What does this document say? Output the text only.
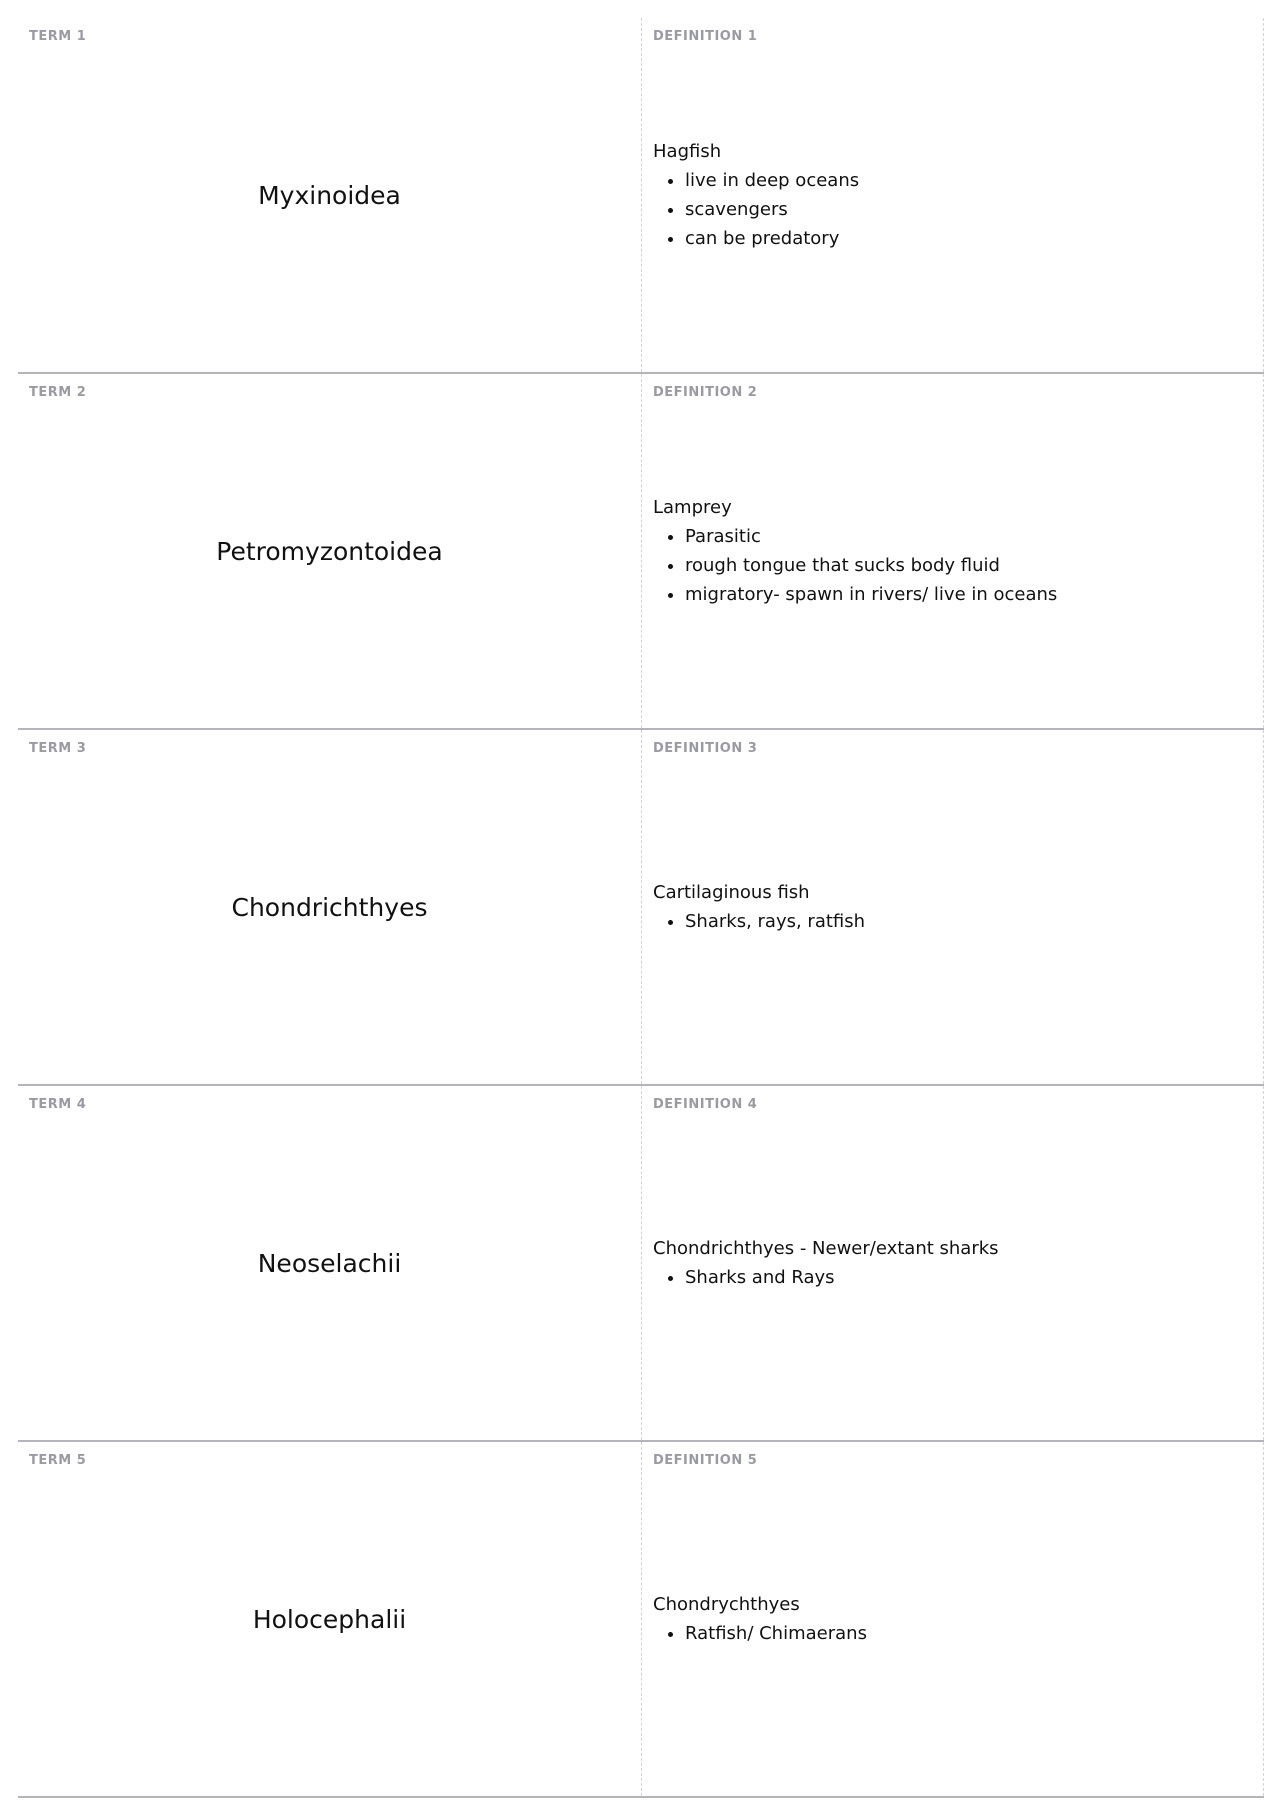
TERM 1
Myxinoidea
DEFINITION 1
Hagfish
• live in deep oceans
• scavengers
• can be predatory
TERM 2
Petromyzontoidea
DEFINITION 2
Lamprey
• Parasitic
• rough tongue that sucks body fluid
• migratory- spawn in rivers/ live in oceans
TERM 3
Chondrichthyes
DEFINITION 3
Cartilaginous fish
• Sharks, rays, ratfish
TERM 4
Neoselachii
DEFINITION 4
Chondrichthyes - Newer/extant sharks
• Sharks and Rays
TERM 5
Holocephalii
DEFINITION 5
Chondrychthyes
• Ratfish/ Chimaerans
